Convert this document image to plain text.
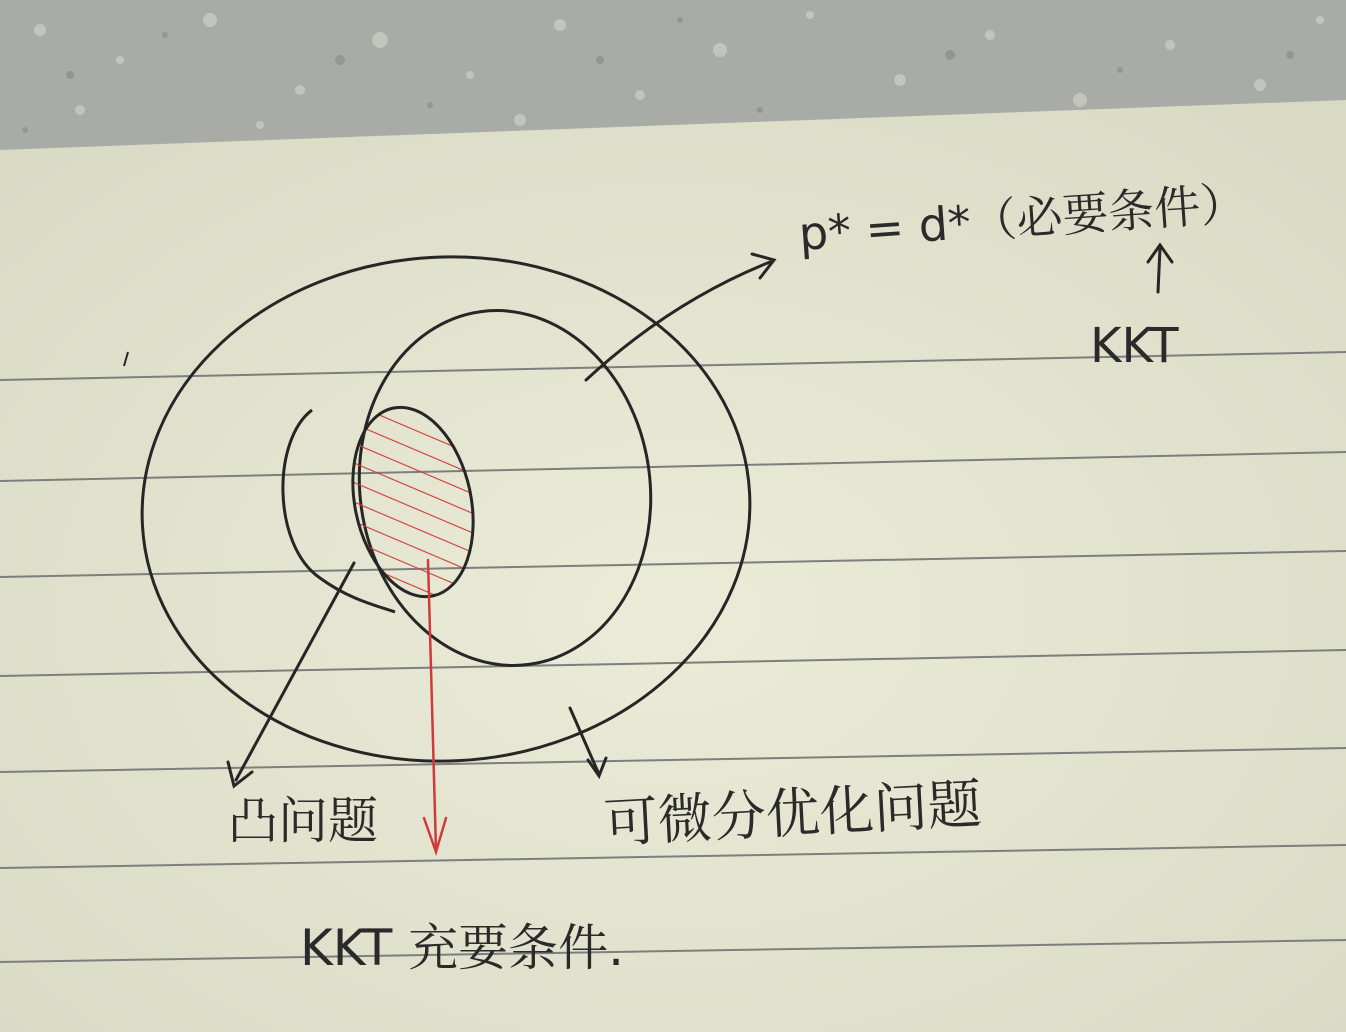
p* = d*（必要条件）
KKT
凸问题
KKT 充要条件.
可微分优化问题
